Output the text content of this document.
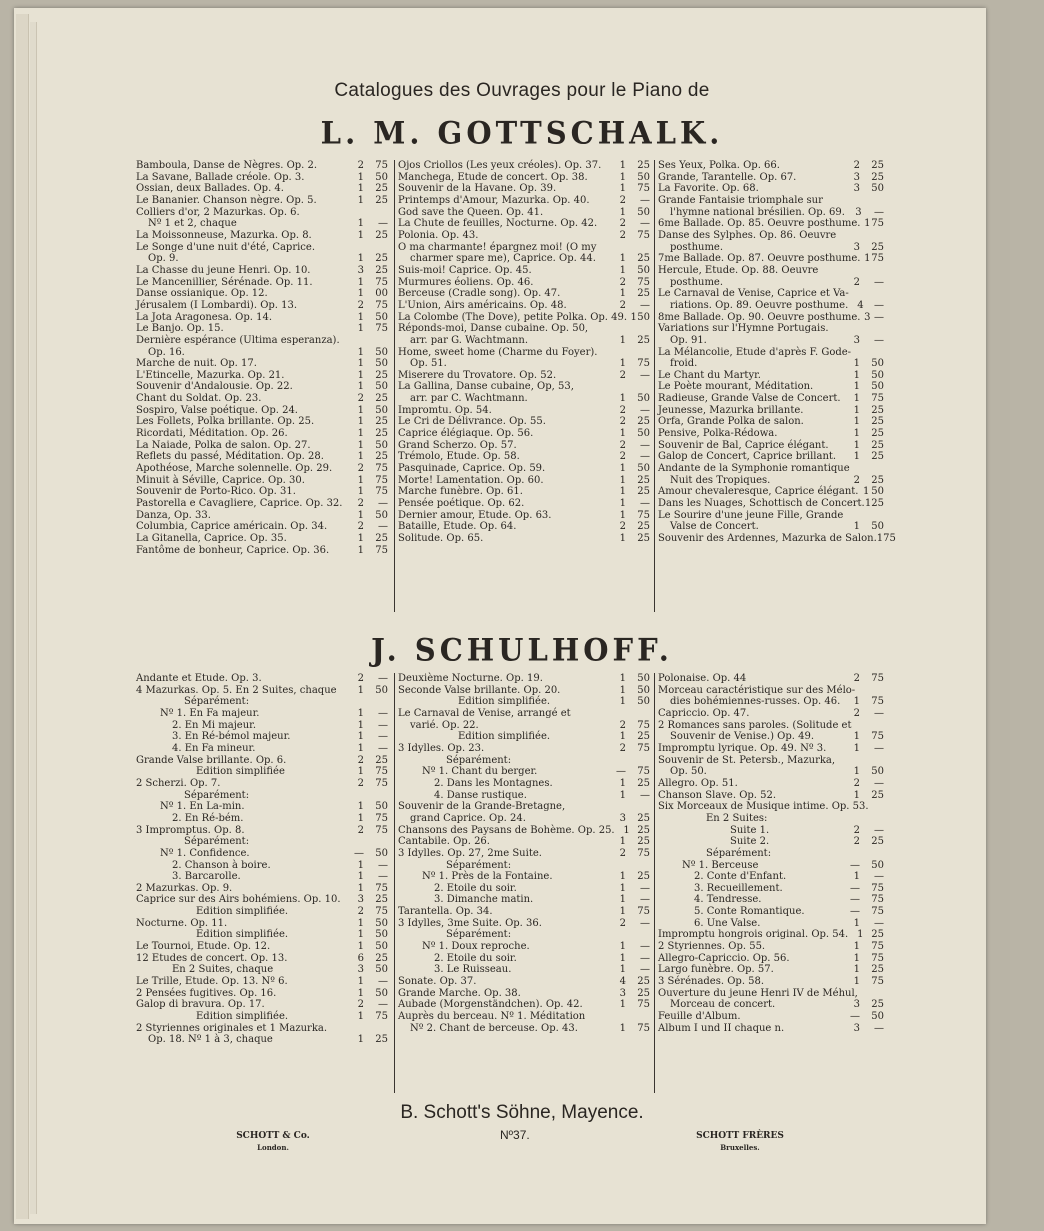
Catalogues des Ouvrages pour le Piano de
L. M. GOTTSCHALK.
Bamboula, Danse de Nègres. Op. 2.	2	75
La Savane, Ballade créole. Op. 3.	1	50
Ossian, deux Ballades. Op. 4.	1	25
Le Bananier. Chanson nègre. Op. 5.	1	25
Colliers d'or, 2 Mazurkas. Op. 6.
Nº 1 et 2, chaque	1	—
La Moissonneuse, Mazurka. Op. 8.	1	25
Le Songe d'une nuit d'été, Caprice.
Op. 9.	1	25
La Chasse du jeune Henri. Op. 10.	3	25
Le Mancenillier, Sérénade. Op. 11.	1	75
Danse ossianique. Op. 12.	1	00
Jérusalem (I Lombardi). Op. 13.	2	75
La Jota Aragonesa. Op. 14.	1	50
Le Banjo. Op. 15.	1	75
Dernière espérance (Ultima esperanza).
Op. 16.	1	50
Marche de nuit. Op. 17.	1	50
L'Etincelle, Mazurka. Op. 21.	1	25
Souvenir d'Andalousie. Op. 22.	1	50
Chant du Soldat. Op. 23.	2	25
Sospiro, Valse poétique. Op. 24.	1	50
Les Follets, Polka brillante. Op. 25.	1	25
Ricordati, Méditation. Op. 26.	1	25
La Naiade, Polka de salon. Op. 27.	1	50
Reflets du passé, Méditation. Op. 28.	1	25
Apothéose, Marche solennelle. Op. 29.	2	75
Minuit à Séville, Caprice. Op. 30.	1	75
Souvenir de Porto-Rico. Op. 31.	1	75
Pastorella e Cavagliere, Caprice. Op. 32.	2	—
Danza, Op. 33.	1	50
Columbia, Caprice américain. Op. 34.	2	—
La Gitanella, Caprice. Op. 35.	1	25
Fantôme de bonheur, Caprice. Op. 36.	1	75
Ojos Criollos (Les yeux créoles). Op. 37.	1	25
Manchega, Etude de concert. Op. 38.	1	50
Souvenir de la Havane. Op. 39.	1	75
Printemps d'Amour, Mazurka. Op. 40.	2	—
God save the Queen. Op. 41.	1	50
La Chute de feuilles, Nocturne. Op. 42.	2	—
Polonia. Op. 43.	2	75
O ma charmante! épargnez moi! (O my
charmer spare me), Caprice. Op. 44.	1	25
Suis-moi! Caprice. Op. 45.	1	50
Murmures éoliens. Op. 46.	2	75
Berceuse (Cradle song). Op. 47.	1	25
L'Union, Airs américains. Op. 48.	2	—
La Colombe (The Dove), petite Polka. Op. 49. 1 50
Réponds-moi, Danse cubaine. Op. 50,
arr. par G. Wachtmann.	1	25
Home, sweet home (Charme du Foyer).
Op. 51.	1	75
Miserere du Trovatore. Op. 52.	2	—
La Gallina, Danse cubaine, Op, 53,
arr. par C. Wachtmann.	1	50
Impromtu. Op. 54.	2	—
Le Cri de Délivrance. Op. 55.	2	25
Caprice élégiaque. Op. 56.	1	50
Grand Scherzo. Op. 57.	2	—
Trémolo, Etude. Op. 58.	2	—
Pasquinade, Caprice. Op. 59.	1	50
Morte! Lamentation. Op. 60.	1	25
Marche funèbre. Op. 61.	1	25
Pensée poétique. Op. 62.	1	—
Dernier amour, Etude. Op. 63.	1	75
Bataille, Etude. Op. 64.	2	25
Solitude. Op. 65.	1	25
Ses Yeux, Polka. Op. 66.	2	25
Grande, Tarantelle. Op. 67.	3	25
La Favorite. Op. 68.	3	50
Grande Fantaisie triomphale sur
l'hymne national brésilien. Op. 69.	3	—
6me Ballade. Op. 85. Oeuvre posthume. 1 75
Danse des Sylphes. Op. 86. Oeuvre
posthume.	3	25
7me Ballade. Op. 87. Oeuvre posthume. 1 75
Hercule, Etude. Op. 88. Oeuvre
posthume.	2	—
Le Carnaval de Venise, Caprice et Va-
riations. Op. 89. Oeuvre posthume. 4	—
8me Ballade. Op. 90. Oeuvre posthume. 3 —
Variations sur l'Hymne Portugais.
Op. 91.	3	—
La Mélancolie, Etude d'après F. Gode-
froid.	1	50
Le Chant du Martyr.	1	50
Le Poète mourant, Méditation.	1	50
Radieuse, Grande Valse de Concert.	1	75
Jeunesse, Mazurka brillante.	1	25
Orfa, Grande Polka de salon.	1	25
Pensive, Polka-Rédowa.	1	25
Souvenir de Bal, Caprice élégant.	1	25
Galop de Concert, Caprice brillant.	1	25
Andante de la Symphonie romantique
Nuit des Tropiques.	2	25
Amour chevaleresque, Caprice élégant. 1 50
Dans les Nuages, Schottisch de Concert. 1 25
Le Sourire d'une jeune Fille, Grande
Valse de Concert.	1	50
Souvenir des Ardennes, Mazurka de Salon. 1 75
J. SCHULHOFF.
Andante et Etude. Op. 3.	2	—
4 Mazurkas. Op. 5. En 2 Suites, chaque	1	50
Séparément:
Nº 1. En Fa majeur.	1	—
2. En Mi majeur.	1	—
3. En Ré-bémol majeur.	1	—
4. En Fa mineur.	1	—
Grande Valse brillante. Op. 6.	2	25
Edition simplifiée	1	75
2 Scherzi. Op. 7.	2	75
Séparément:
Nº 1. En La-min.	1	50
2. En Ré-bém.	1	75
3 Impromptus. Op. 8.	2	75
Séparément:
Nº 1. Confidence.	—	50
2. Chanson à boire.	1	—
3. Barcarolle.	1	—
2 Mazurkas. Op. 9.	1	75
Caprice sur des Airs bohémiens. Op. 10.	3	25
Edition simplifiée.	2	75
Nocturne. Op. 11.	1	50
Edition simplifiée.	1	50
Le Tournoi, Etude. Op. 12.	1	50
12 Etudes de concert. Op. 13.	6	25
En 2 Suites, chaque	3	50
Le Trille, Etude. Op. 13. Nº 6.	1	—
2 Pensées fugitives. Op. 16.	1	50
Galop di bravura. Op. 17.	2	—
Edition simplifiée.	1	75
2 Styriennes originales et 1 Mazurka.
Op. 18. Nº 1 à 3, chaque	1	25
Deuxième Nocturne. Op. 19.	1	50
Seconde Valse brillante. Op. 20.	1	50
Edition simplifiée.	1	50
Le Carnaval de Venise, arrangé et
varié. Op. 22.	2	75
Edition simplifiée.	1	25
3 Idylles. Op. 23.	2	75
Séparément:
Nº 1. Chant du berger.	—	75
2. Dans les Montagnes.	1	25
4. Danse rustique.	1	—
Souvenir de la Grande-Bretagne,
grand Caprice. Op. 24.	3	25
Chansons des Paysans de Bohème. Op. 25. 1 25
Cantabile. Op. 26.	1	25
3 Idylles. Op. 27, 2me Suite.	2	75
Séparément:
Nº 1. Près de la Fontaine.	1	25
2. Etoile du soir.	1	—
3. Dimanche matin.	1	—
Tarantella. Op. 34.	1	75
3 Idylles, 3me Suite. Op. 36.	2	—
Séparément:
Nº 1. Doux reproche.	1	—
2. Etoile du soir.	1	—
3. Le Ruisseau.	1	—
Sonate. Op. 37.	4	25
Grande Marche. Op. 38.	3	25
Aubade (Morgenständchen). Op. 42.	1	75
Auprès du berceau. Nº 1. Méditation
Nº 2. Chant de berceuse. Op. 43.	1	75
Polonaise. Op. 44	2	75
Morceau caractéristique sur des Mélo-
dies bohémiennes-russes. Op. 46.	1	75
Capriccio. Op. 47.	2	—
2 Romances sans paroles. (Solitude et
Souvenir de Venise.) Op. 49.	1	75
Impromptu lyrique. Op. 49. Nº 3.	1	—
Souvenir de St. Petersb., Mazurka,
Op. 50.	1	50
Allegro. Op. 51.	2	—
Chanson Slave. Op. 52.	1	25
Six Morceaux de Musique intime. Op. 53.
En 2 Suites:
Suite 1.	2	—
Suite 2.	2	25
Séparément:
Nº 1. Berceuse	—	50
2. Conte d'Enfant.	1	—
3. Recueillement.	—	75
4. Tendresse.	—	75
5. Conte Romantique.	—	75
6. Une Valse.	1	—
Impromptu hongrois original. Op. 54. 1 25
2 Styriennes. Op. 55.	1	75
Allegro-Capriccio. Op. 56.	1	75
Largo funèbre. Op. 57.	1	25
3 Sérénades. Op. 58.	1	75
Ouverture du jeune Henri IV de Méhul,
Morceau de concert.	3	25
Feuille d'Album.	—	50
Album I und II chaque n.	3	—
B. Schott's Söhne, Mayence.
SCHOTT & Co.
London.
Nº37.	SCHOTT FRÈRES
Bruxelles.
